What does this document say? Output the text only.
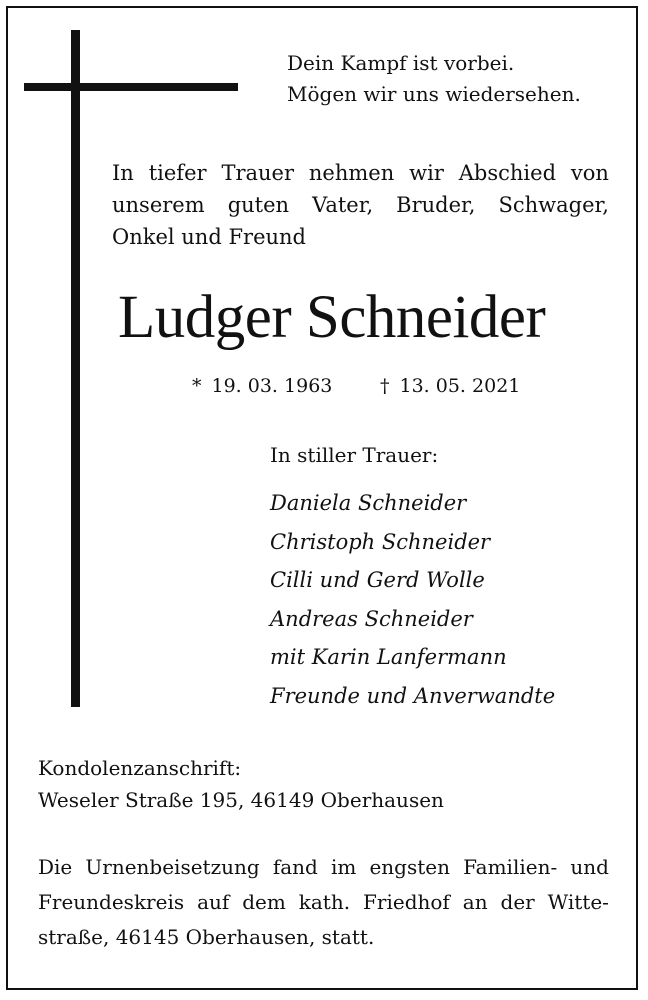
Dein Kampf ist vorbei.
Mögen wir uns wiedersehen.
In tiefer Trauer nehmen wir Abschied von
unserem guten Vater, Bruder, Schwager,
Onkel und Freund
Ludger Schneider
* 19. 03. 1963	† 13. 05. 2021
In stiller Trauer:
Daniela Schneider
Christoph Schneider
Cilli und Gerd Wolle
Andreas Schneider
mit Karin Lanfermann
Freunde und Anverwandte
Kondolenzanschrift:
Weseler Straße 195, 46149 Oberhausen
Die Urnenbeisetzung fand im engsten Familien- und
Freundeskreis auf dem kath. Friedhof an der Witte-
straße, 46145 Oberhausen, statt.
